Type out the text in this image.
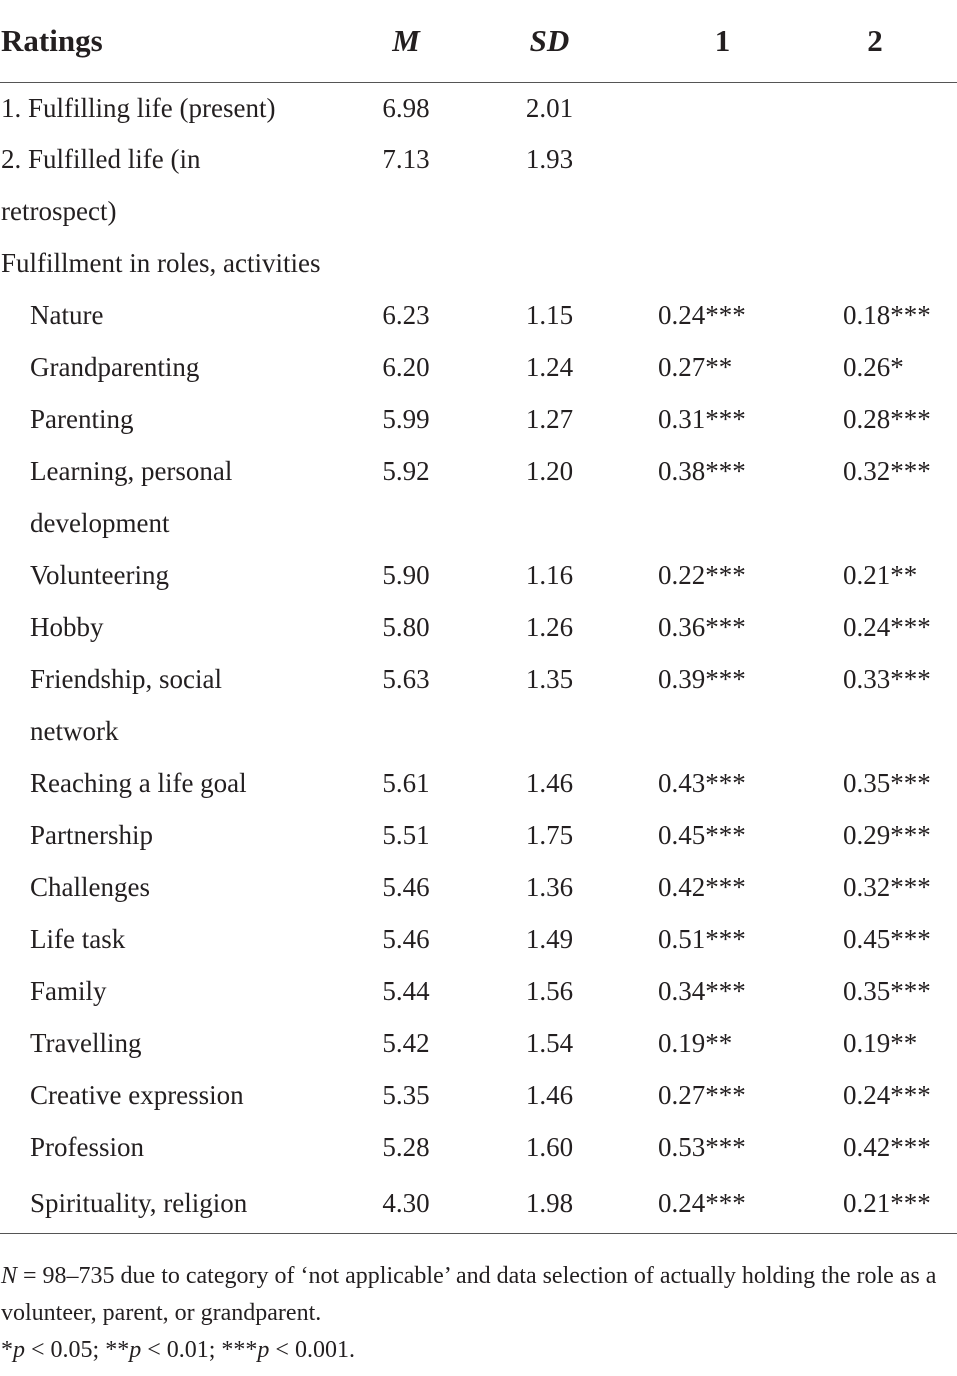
Ratings	M	SD	1	2
1. Fulfilling life (present)	6.98	2.01		
2. Fulfilled life (in	7.13	1.93		
retrospect)				
Fulfillment in roles, activities				
Nature	6.23	1.15	0.24***	0.18***
Grandparenting	6.20	1.24	0.27**	0.26*
Parenting	5.99	1.27	0.31***	0.28***
Learning, personal	5.92	1.20	0.38***	0.32***
development				
Volunteering	5.90	1.16	0.22***	0.21**
Hobby	5.80	1.26	0.36***	0.24***
Friendship, social	5.63	1.35	0.39***	0.33***
network				
Reaching a life goal	5.61	1.46	0.43***	0.35***
Partnership	5.51	1.75	0.45***	0.29***
Challenges	5.46	1.36	0.42***	0.32***
Life task	5.46	1.49	0.51***	0.45***
Family	5.44	1.56	0.34***	0.35***
Travelling	5.42	1.54	0.19**	0.19**
Creative expression	5.35	1.46	0.27***	0.24***
Profession	5.28	1.60	0.53***	0.42***
Spirituality, religion	4.30	1.98	0.24***	0.21***

N = 98–735 due to category of ‘not applicable’ and data selection of actually holding the role as a volunteer, parent, or grandparent.

*p < 0.05; **p < 0.01; ***p < 0.001.
